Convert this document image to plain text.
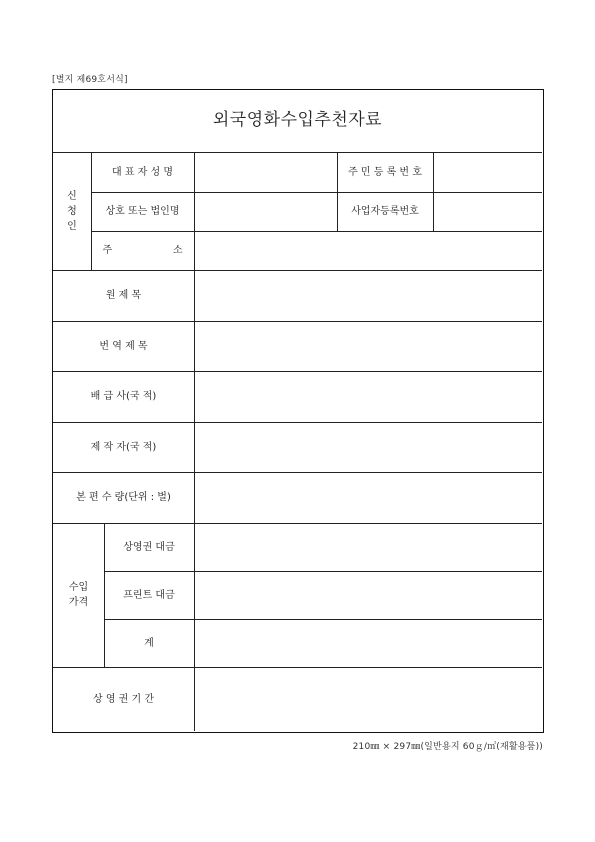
[별지 제69호서식]
외국영화수입추천자료
신
청
인
대 표 자 성 명	주 민 등 록 번 호
상호 또는 법인명	사업자등록번호
주	소
원 제 목
번 역 제 목
배 급 사(국 적)
제 작 자(국 적)
본 편 수 량(단위 : 벌)
수입
가격
상영권 대금
프린트 대금
계
상 영 권 기 간
210㎜ × 297㎜(일반용지 60ｇ/㎡(재활용품))
